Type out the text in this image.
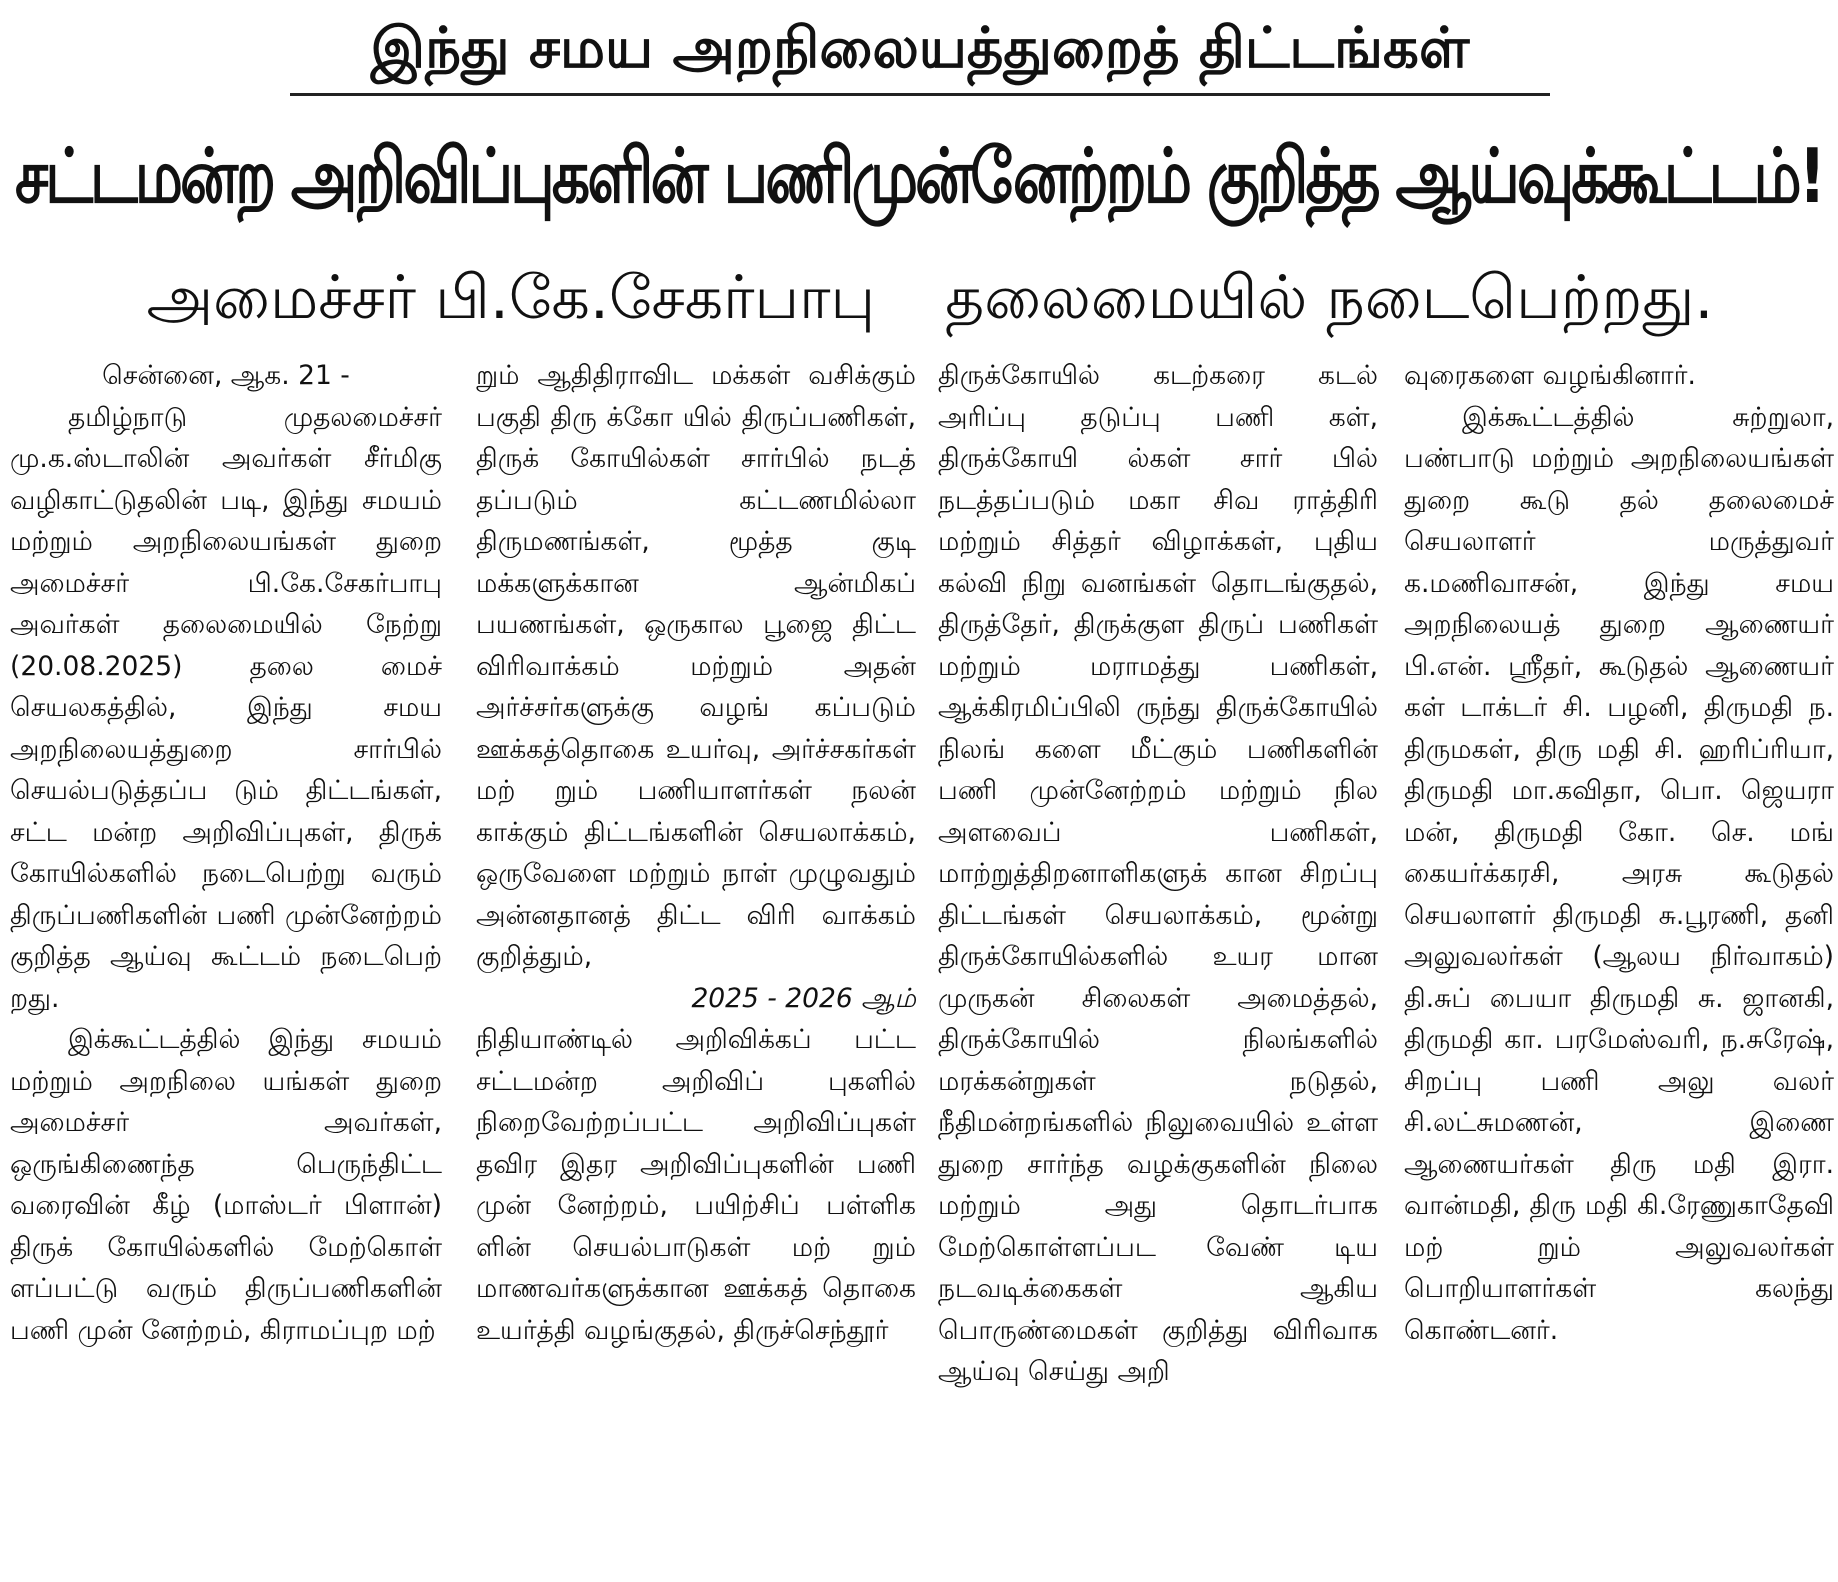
இந்து சமய அறநிலையத்துறைத் திட்டங்கள்
சட்டமன்ற அறிவிப்புகளின் பணிமுன்னேற்றம் குறித்த ஆய்வுக்கூட்டம்!
அமைச்சர் பி.கே.சேகர்பாபு தலைமையில் நடைபெற்றது.

சென்னை, ஆக. 21 -

தமிழ்நாடு முதலமைச்சர் மு.க.ஸ்டாலின் அவர்கள் சீர்மிகு வழிகாட்டுதலின் படி, இந்து சமயம் மற்றும் அறநிலையங்கள் துறை அமைச்சர் பி.கே.சேகர்பாபு அவர்கள் தலைமையில் நேற்று (20.08.2025) தலை மைச் செயலகத்தில், இந்து சமய அறநிலையத்துறை சார்பில் செயல்படுத்தப்ப டும் திட்டங்கள், சட்ட மன்ற அறிவிப்புகள், திருக் கோயில்களில் நடைபெற்று வரும் திருப்பணிகளின் பணி முன்னேற்றம் குறித்த ஆய்வு கூட்டம் நடைபெற் றது.

இக்கூட்டத்தில் இந்து சமயம் மற்றும் அறநிலை யங்கள் துறை அமைச்சர் அவர்கள், ஒருங்கிணைந்த பெருந்திட்ட வரைவின் கீழ் (மாஸ்டர் பிளான்) திருக் கோயில்களில் மேற்கொள் ளப்பட்டு வரும் திருப்பணிகளின் பணி முன் னேற்றம், கிராமப்புற மற்

றும் ஆதிதிராவிட மக்கள் வசிக்கும் பகுதி திரு க்கோ யில் திருப்பணிகள், திருக் கோயில்கள் சார்பில் நடத் தப்படும் கட்டணமில்லா திருமணங்கள், மூத்த குடி மக்களுக்கான ஆன்மிகப் பயணங்கள், ஒருகால பூஜை திட்ட விரிவாக்கம் மற்றும் அதன் அர்ச்சர்களுக்கு வழங் கப்படும் ஊக்கத்தொகை உயர்வு, அர்ச்சகர்கள் மற் றும் பணியாளர்கள் நலன் காக்கும் திட்டங்களின் செயலாக்கம், ஒருவேளை மற்றும் நாள் முழுவதும் அன்னதானத் திட்ட விரி வாக்கம் குறித்தும்,

2025 - 2026 ஆம்

நிதியாண்டில் அறிவிக்கப் பட்ட சட்டமன்ற அறிவிப் புகளில் நிறைவேற்றப்பட்ட அறிவிப்புகள் தவிர இதர அறிவிப்புகளின் பணி முன் னேற்றம், பயிற்சிப் பள்ளிக ளின் செயல்பாடுகள் மற் றும் மாணவர்களுக்கான ஊக்கத் தொகை உயர்த்தி வழங்குதல், திருச்செந்தூர்

திருக்கோயில் கடற்கரை கடல் அரிப்பு தடுப்பு பணி கள், திருக்கோயி ல்கள் சார் பில் நடத்தப்படும் மகா சிவ ராத்திரி மற்றும் சித்தர் விழாக்கள், புதிய கல்வி நிறு வனங்கள் தொடங்குதல், திருத்தேர், திருக்குள திருப் பணிகள் மற்றும் மராமத்து பணிகள், ஆக்கிரமிப்பிலி ருந்து திருக்கோயில் நிலங் களை மீட்கும் பணிகளின் பணி முன்னேற்றம் மற்றும் நில அளவைப் பணிகள், மாற்றுத்திறனாளிகளுக் கான சிறப்பு திட்டங்கள் செயலாக்கம், மூன்று திருக்கோயில்களில் உயர மான முருகன் சிலைகள் அமைத்தல், திருக்கோயில் நிலங்களில் மரக்கன்றுகள் நடுதல், நீதிமன்றங்களில் நிலுவையில் உள்ள துறை சார்ந்த வழக்குகளின் நிலை மற்றும் அது தொடர்பாக மேற்கொள்ளப்பட வேண் டிய நடவடிக்கைகள் ஆகிய பொருண்மைகள் குறித்து விரிவாக ஆய்வு செய்து அறி

வுரைகளை வழங்கினார்.

இக்கூட்டத்தில் சுற்றுலா, பண்பாடு மற்றும் அறநிலையங்கள் துறை கூடு தல் தலைமைச் செயலாளர் மருத்துவர் க.மணிவாசன், இந்து சமய அறநிலையத் துறை ஆணையர் பி.என். ஸ்ரீதர், கூடுதல் ஆணையர் கள் டாக்டர் சி. பழனி, திருமதி ந. திருமகள், திரு மதி சி. ஹரிப்ரியா, திருமதி மா.கவிதா, பொ. ஜெயரா மன், திருமதி கோ. செ. மங் கையர்க்கரசி, அரசு கூடுதல் செயலாளர் திருமதி சு.பூரணி, தனி அலுவலர்கள் (ஆலய நிர்வாகம்) தி.சுப் பையா திருமதி சு. ஜானகி, திருமதி கா. பரமேஸ்வரி, ந.சுரேஷ், சிறப்பு பணி அலு வலர் சி.லட்சுமணன், இணை ஆணையர்கள் திரு மதி இரா. வான்மதி, திரு மதி கி.ரேணுகாதேவி மற் றும் அலுவலர்கள் பொறியாளர்கள் கலந்து கொண்டனர்.
